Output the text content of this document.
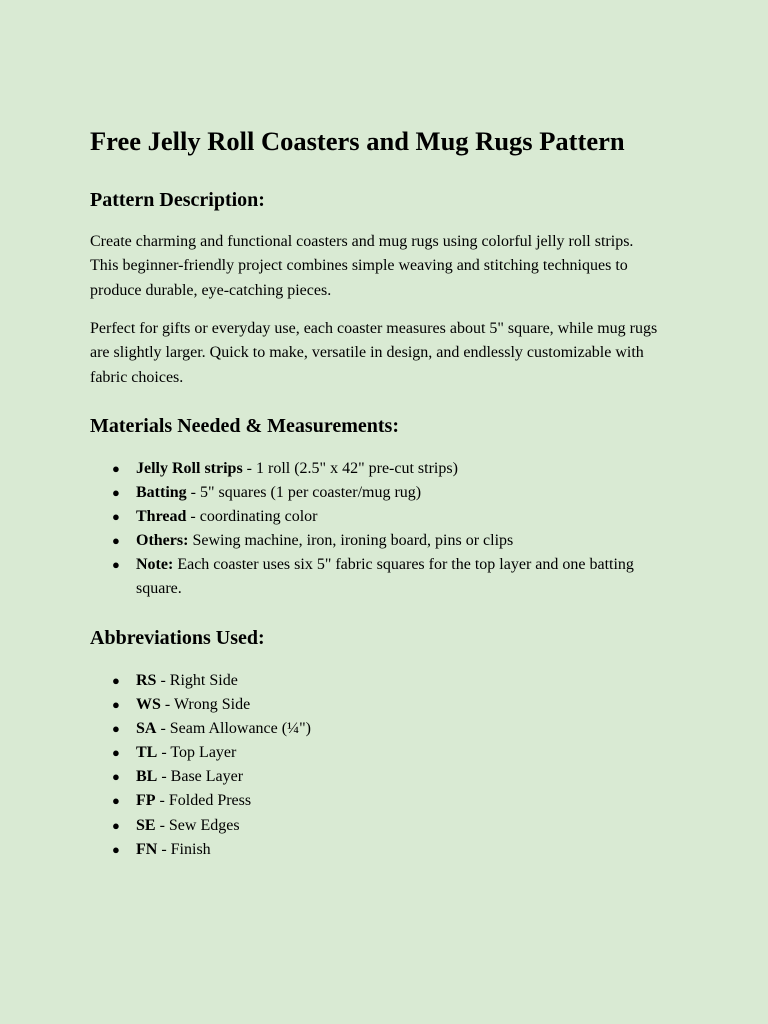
Free Jelly Roll Coasters and Mug Rugs Pattern
Pattern Description:

Create charming and functional coasters and mug rugs using colorful jelly roll strips. This beginner-friendly project combines simple weaving and stitching techniques to produce durable, eye-catching pieces.

Perfect for gifts or everyday use, each coaster measures about 5" square, while mug rugs are slightly larger. Quick to make, versatile in design, and endlessly customizable with fabric choices.

Materials Needed & Measurements:
● Jelly Roll strips - 1 roll (2.5" x 42" pre-cut strips)
● Batting - 5" squares (1 per coaster/mug rug)
● Thread - coordinating color
● Others: Sewing machine, iron, ironing board, pins or clips
● Note: Each coaster uses six 5" fabric squares for the top layer and one batting square.
Abbreviations Used:
● RS - Right Side
● WS - Wrong Side
● SA - Seam Allowance (¼")
● TL - Top Layer
● BL - Base Layer
● FP - Folded Press
● SE - Sew Edges
● FN - Finish
